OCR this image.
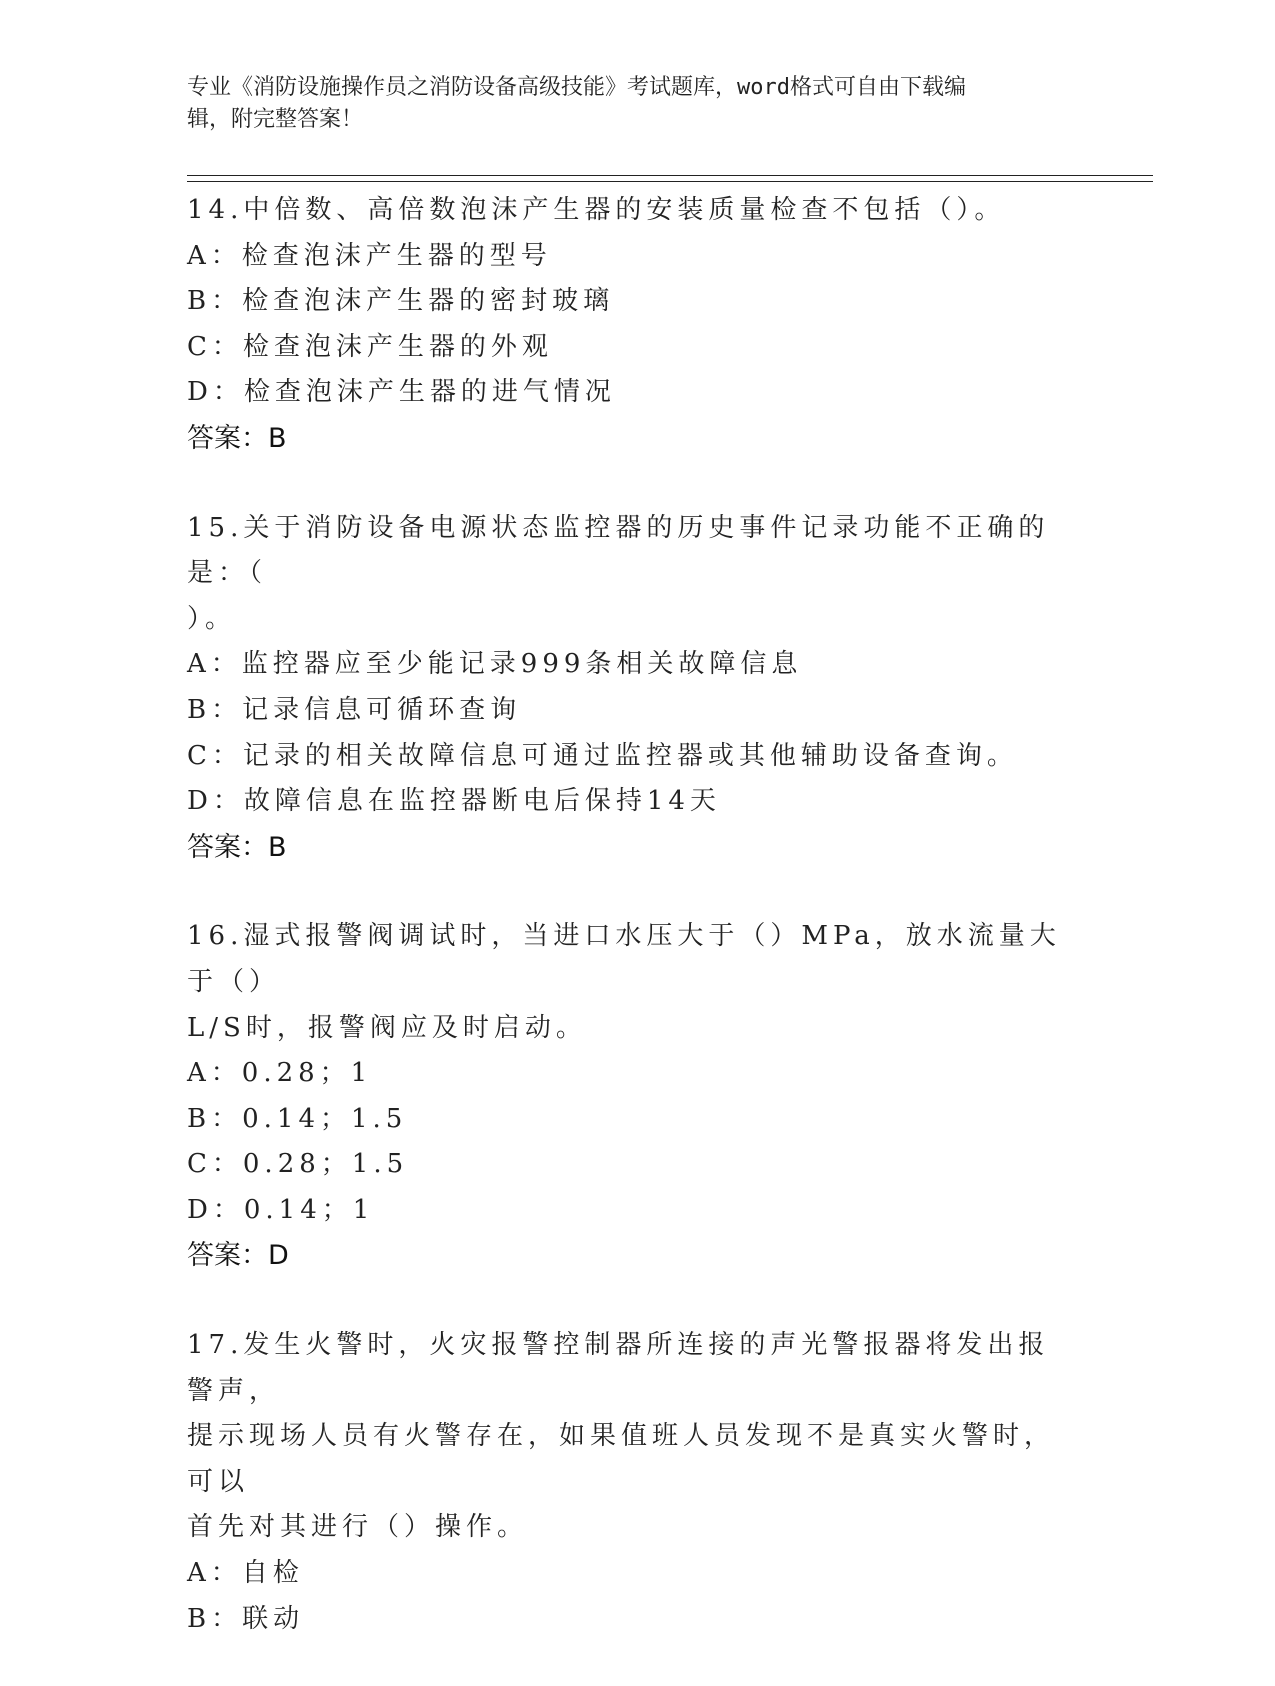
专业《消防设施操作员之消防设备高级技能》考试题库，word格式可自由下载编
辑，附完整答案！
14.中倍数、高倍数泡沫产生器的安装质量检查不包括（）。
A：检查泡沫产生器的型号
B：检查泡沫产生器的密封玻璃
C：检查泡沫产生器的外观
D：检查泡沫产生器的进气情况
答案：B
15.关于消防设备电源状态监控器的历史事件记录功能不正确的是：（
）。
A：监控器应至少能记录999条相关故障信息
B：记录信息可循环查询
C：记录的相关故障信息可通过监控器或其他辅助设备查询。
D：故障信息在监控器断电后保持14天
答案：B
16.湿式报警阀调试时，当进口水压大于（）MPa，放水流量大于（）
L/S时，报警阀应及时启动。
A：0.28；1
B：0.14；1.5
C：0.28；1.5
D：0.14；1
答案：D
17.发生火警时，火灾报警控制器所连接的声光警报器将发出报警声，
提示现场人员有火警存在，如果值班人员发现不是真实火警时，可以
首先对其进行（）操作。
A：自检
B：联动
